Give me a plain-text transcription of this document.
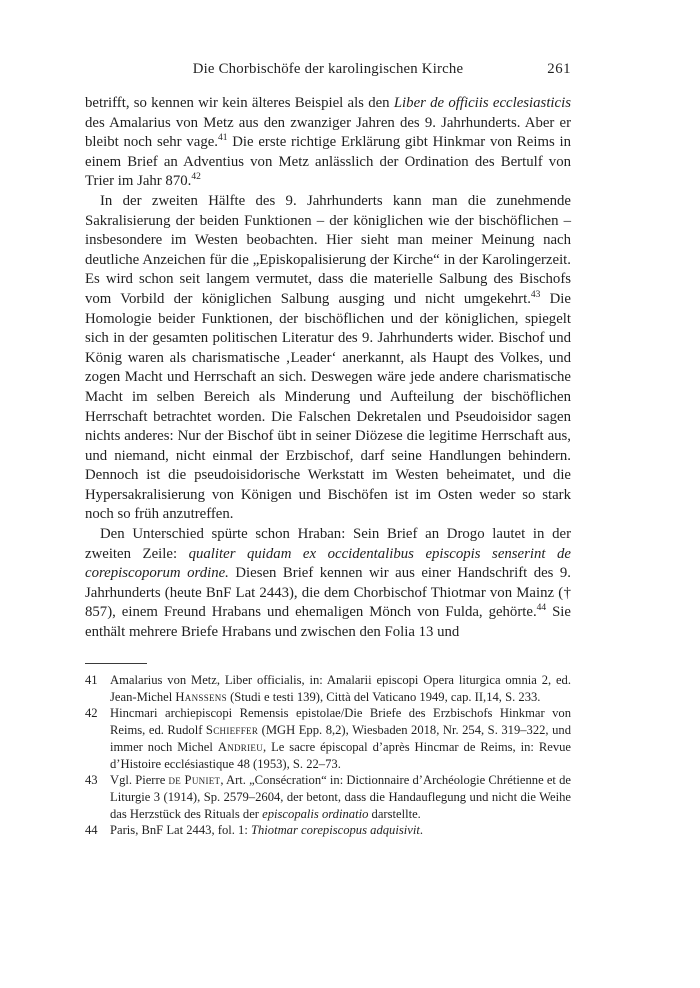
Die Chorbischöfe der karolingischen Kirche	261

betrifft, so kennen wir kein älteres Beispiel als den Liber de officiis ecclesiasticis des Amalarius von Metz aus den zwanziger Jahren des 9. Jahrhunderts. Aber er bleibt noch sehr vage.$^{41}$ Die erste richtige Erklärung gibt Hinkmar von Reims in einem Brief an Adventius von Metz anlässlich der Ordination des Bertulf von Trier im Jahr 870.42

In der zweiten Hälfte des 9. Jahrhunderts kann man die zunehmende Sakralisierung der beiden Funktionen – der königlichen wie der bischöflichen – insbesondere im Westen beobachten. Hier sieht man meiner Meinung nach deutliche Anzeichen für die „Episkopalisierung der Kirche“ in der Karolingerzeit. Es wird schon seit langem vermutet, dass die materielle Salbung des Bischofs vom Vorbild der königlichen Salbung ausging und nicht umgekehrt.$^{43}$ Die Homologie beider Funktionen, der bischöflichen und der königlichen, spiegelt sich in der gesamten politischen Literatur des 9. Jahrhunderts wider. Bischof und König waren als charismatische ‚Leader‘ anerkannt, als Haupt des Volkes, und zogen Macht und Herrschaft an sich. Deswegen wäre jede andere charismatische Macht im selben Bereich als Minderung und Aufteilung der bischöflichen Herrschaft betrachtet worden. Die Falschen Dekretalen und Pseudoisidor sagen nichts anderes: Nur der Bischof übt in seiner Diözese die legitime Herrschaft aus, und niemand, nicht einmal der Erzbischof, darf seine Handlungen behindern. Dennoch ist die pseudoisidorische Werkstatt im Westen beheimatet, und die Hypersakralisierung von Königen und Bischöfen ist im Osten weder so stark noch so früh anzutreffen.

Den Unterschied spürte schon Hraban: Sein Brief an Drogo lautet in der zweiten Zeile: qualiter quidam ex occidentalibus episcopis senserint de corepiscoporum ordine. Diesen Brief kennen wir aus einer Handschrift des 9. Jahrhunderts (heute BnF Lat 2443), die dem Chorbischof Thiotmar von Mainz († 857), einem Freund Hrabans und ehemaligen Mönch von Fulda, gehörte.$^{44}$ Sie enthält mehrere Briefe Hrabans und zwischen den Folia 13 und

41 Amalarius von Metz, Liber officialis, in: Amalarii episcopi Opera liturgica omnia 2, ed. Jean-Michel Hanssens (Studi e testi 139), Città del Vaticano 1949, cap. II,14, S. 233.
42 Hincmari archiepiscopi Remensis epistolae/Die Briefe des Erzbischofs Hinkmar von Reims, ed. Rudolf Schieffer (MGH Epp. 8,2), Wiesbaden 2018, Nr. 254, S. 319–322, und immer noch Michel Andrieu, Le sacre épiscopal d’après Hincmar de Reims, in: Revue d’Histoire ecclésiastique 48 (1953), S. 22–73.
43 Vgl. Pierre de Puniet, Art. „Consécration“ in: Dictionnaire d’Archéologie Chrétienne et de Liturgie 3 (1914), Sp. 2579–2604, der betont, dass die Handauflegung und nicht die Weihe das Herzstück des Rituals der episcopalis ordinatio darstellte.
44 Paris, BnF Lat 2443, fol. 1: Thiotmar corepiscopus adquisivit.
